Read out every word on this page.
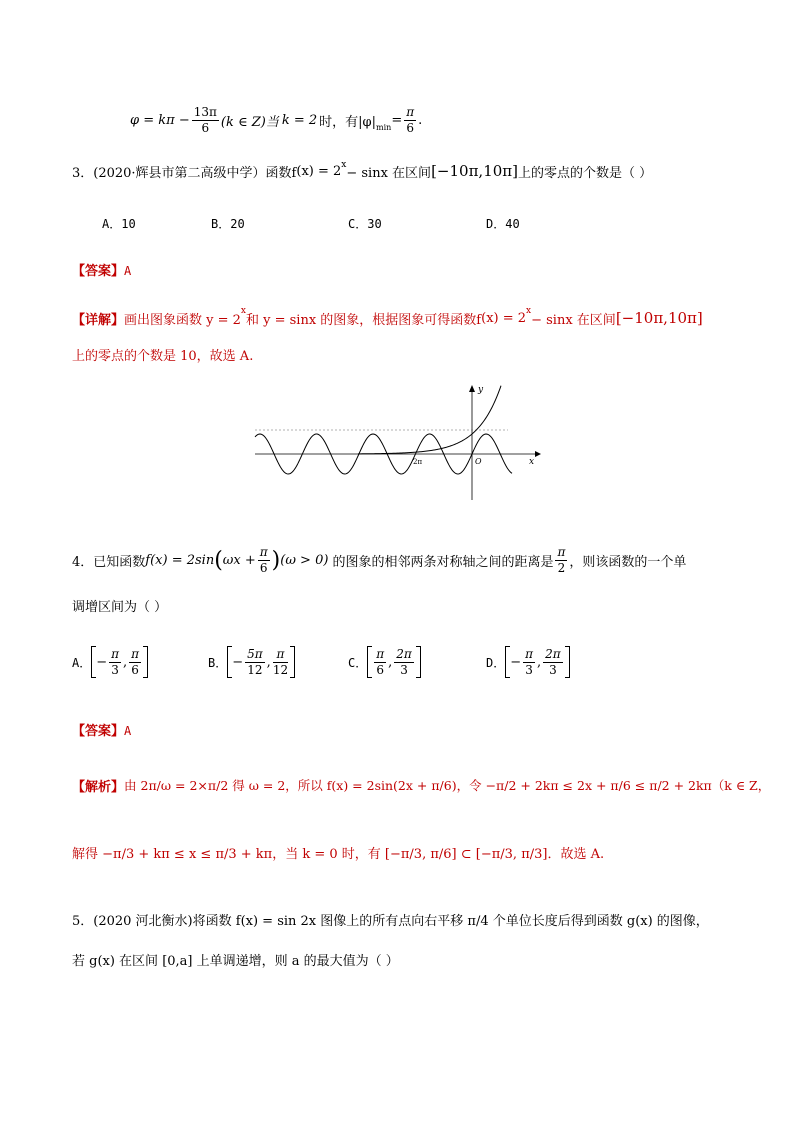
$\varphi = k\pi - \frac{13\pi}{6} (k$ ∈ Z)当 k = 2 时，有|φ| $\min = \frac{\pi}{6}$ .
3．(2020·辉县市第二高级中学）函数f $(x) = 2^x$
− sinx 在区间 [−10π,10π] 上的零点的个数是（ ）
A．10	B．20	C．30	D．40
【答案】A
【详解】 画出图象函数 y = 2
$^x$
和 y = sinx 的图象，根据图象可得函数f $(x) = 2^x$
− sinx 在区间 [−10π,10π]
上的零点的个数是 10，故选 A.
x
y
O
2π
4．已知函数 f(x) = 2sin ( $\omega x + \frac{\pi}{6}$ ) (ω > 0) 的图象的相邻两条对称轴之间的距离是 $\frac{\pi}{2}$ ，则该函数的一个单
调增区间为（ ）
A． − $\frac{\pi}{3}$ , $\frac{\pi}{6}$	B． − $\frac{5\pi}{12}$ , $\frac{\pi}{12}$	C． $\frac{\pi}{6}$ , $\frac{2\pi}{3}$	D． − $\frac{\pi}{3}$ , $\frac{2\pi}{3}$
【答案】A
【解析】 由 2π/ω = 2×π/2 得 ω = 2，所以 f(x) = 2sin(2x + π/6)，令 −π/2 + 2kπ ≤ 2x + π/6 ≤ π/2 + 2kπ（k ∈ Z，
解得 −π/3 + kπ ≤ x ≤ π/3 + kπ，当 k = 0 时，有 [−π/3, π/6] ⊂ [−π/3, π/3]．故选 A.
5．(2020 河北衡水)将函数 f(x) = sin 2x 图像上的所有点向右平移 π/4 个单位长度后得到函数 g(x) 的图像，
若 g(x) 在区间 [0,a] 上单调递增，则 a 的最大值为（ ）
